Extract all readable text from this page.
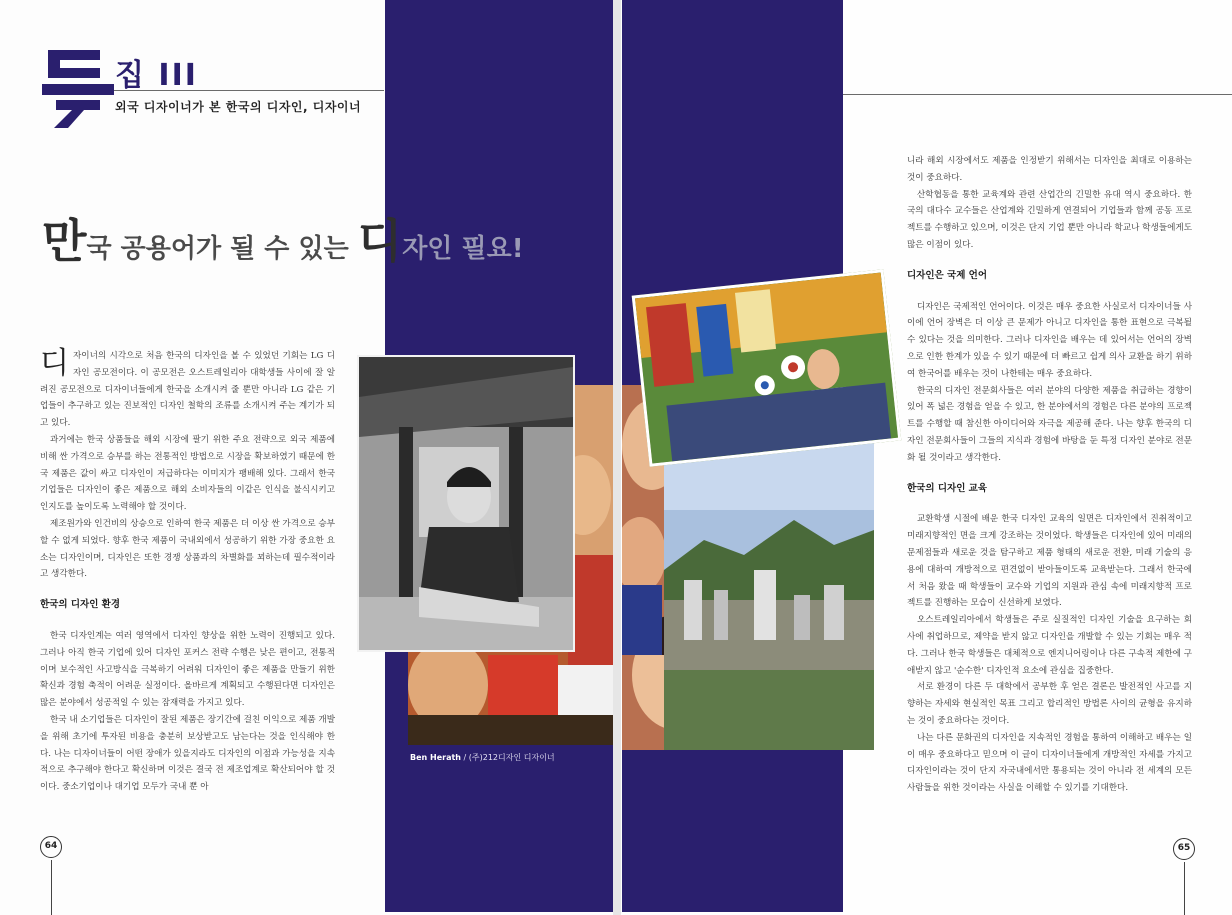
집 III
외국 디자이너가 본 한국의 디자인, 디자이너
만국 공용어가 될 수 있는 디자인 필요!

디자이너의 시각으로 처음 한국의 디자인을 볼 수 있었던 기회는 LG 디자인 공모전이다. 이 공모전은 오스트레일리아 대학생들 사이에 잘 알려진 공모전으로 디자이너들에게 한국을 소개시켜 줄 뿐만 아니라 LG 같은 기업들이 추구하고 있는 진보적인 디자인 철학의 조류를 소개시켜 주는 계기가 되고 있다.

과거에는 한국 상품들을 해외 시장에 팔기 위한 주요 전략으로 외국 제품에 비해 싼 가격으로 승부를 하는 전통적인 방법으로 시장을 확보하였기 때문에 한국 제품은 값이 싸고 디자인이 저급하다는 이미지가 팽배해 있다. 그래서 한국 기업들은 디자인이 좋은 제품으로 해외 소비자들의 이같은 인식을 불식시키고 인지도를 높이도록 노력해야 할 것이다.

제조원가와 인건비의 상승으로 인하여 한국 제품은 더 이상 싼 가격으로 승부할 수 없게 되었다. 향후 한국 제품이 국내외에서 성공하기 위한 가장 중요한 요소는 디자인이며, 디자인은 또한 경쟁 상품과의 차별화를 꾀하는데 필수적이라고 생각한다.

한국의 디자인 환경

한국 디자인계는 여러 영역에서 디자인 향상을 위한 노력이 진행되고 있다. 그러나 아직 한국 기업에 있어 디자인 포커스 전략 수행은 낮은 편이고, 전통적이며 보수적인 사고방식을 극복하기 어려워 디자인이 좋은 제품을 만들기 위한 확신과 경험 축적이 어려운 실정이다. 올바르게 계획되고 수행된다면 디자인은 많은 분야에서 성공적일 수 있는 잠재력을 가지고 있다.

한국 내 소기업들은 디자인이 잘된 제품은 장기간에 걸친 이익으로 제품 개발을 위해 초기에 투자된 비용을 충분히 보상받고도 남는다는 것을 인식해야 한다. 나는 디자이너들이 어떤 장애가 있을지라도 디자인의 이점과 가능성을 지속적으로 추구해야 한다고 확신하며 이것은 결국 전 제조업계로 확산되어야 할 것이다. 중소기업이나 대기업 모두가 국내 뿐 아

Ben Herath / (주)212디자인 디자이너

니라 해외 시장에서도 제품을 인정받기 위해서는 디자인을 최대로 이용하는 것이 중요하다.

산학협동을 통한 교육계와 관련 산업간의 긴밀한 유대 역시 중요하다. 한국의 대다수 교수들은 산업계와 긴밀하게 연결되어 기업들과 함께 공동 프로젝트를 수행하고 있으며, 이것은 단지 기업 뿐만 아니라 학교나 학생들에게도 많은 이점이 있다.

디자인은 국제 언어

디자인은 국제적인 언어이다. 이것은 매우 중요한 사실로서 디자이너들 사이에 언어 장벽은 더 이상 큰 문제가 아니고 디자인을 통한 표현으로 극복될 수 있다는 것을 의미한다. 그러나 디자인을 배우는 데 있어서는 언어의 장벽으로 인한 한계가 있을 수 있기 때문에 더 빠르고 쉽게 의사 교환을 하기 위하여 한국어를 배우는 것이 나한테는 매우 중요하다.

한국의 디자인 전문회사들은 여러 분야의 다양한 제품을 취급하는 경향이 있어 폭 넓은 경험을 얻을 수 있고, 한 분야에서의 경험은 다른 분야의 프로젝트를 수행할 때 참신한 아이디어와 자극을 제공해 준다. 나는 향후 한국의 디자인 전문회사들이 그들의 지식과 경험에 바탕을 둔 특정 디자인 분야로 전문화 될 것이라고 생각한다.

한국의 디자인 교육

교환학생 시절에 배운 한국 디자인 교육의 일면은 디자인에서 진취적이고 미래지향적인 면을 크게 강조하는 것이었다. 학생들은 디자인에 있어 미래의 문제점들과 새로운 것을 탐구하고 제품 형태의 새로운 전환, 미래 기술의 응용에 대하여 개방적으로 편견없이 받아들이도록 교육받는다. 그래서 한국에서 처음 왔을 때 학생들이 교수와 기업의 지원과 관심 속에 미래지향적 프로젝트를 진행하는 모습이 신선하게 보였다.

오스트레일리아에서 학생들은 주로 실질적인 디자인 기술을 요구하는 회사에 취업하므로, 제약을 받지 않고 디자인을 개발할 수 있는 기회는 매우 적다. 그러나 한국 학생들은 대체적으로 엔지니어링이나 다른 구속적 제한에 구애받지 않고 '순수한' 디자인적 요소에 관심을 집중한다.

서로 환경이 다른 두 대학에서 공부한 후 얻은 결론은 발전적인 사고를 지향하는 자세와 현실적인 목표 그리고 합리적인 방법론 사이의 균형을 유지하는 것이 중요하다는 것이다.

나는 다른 문화권의 디자인을 지속적인 경험을 통하여 이해하고 배우는 일이 매우 중요하다고 믿으며 이 글이 디자이너들에게 개방적인 자세를 가지고 디자인이라는 것이 단지 자국내에서만 통용되는 것이 아니라 전 세계의 모든 사람들을 위한 것이라는 사실을 이해할 수 있기를 기대한다.

64	65
